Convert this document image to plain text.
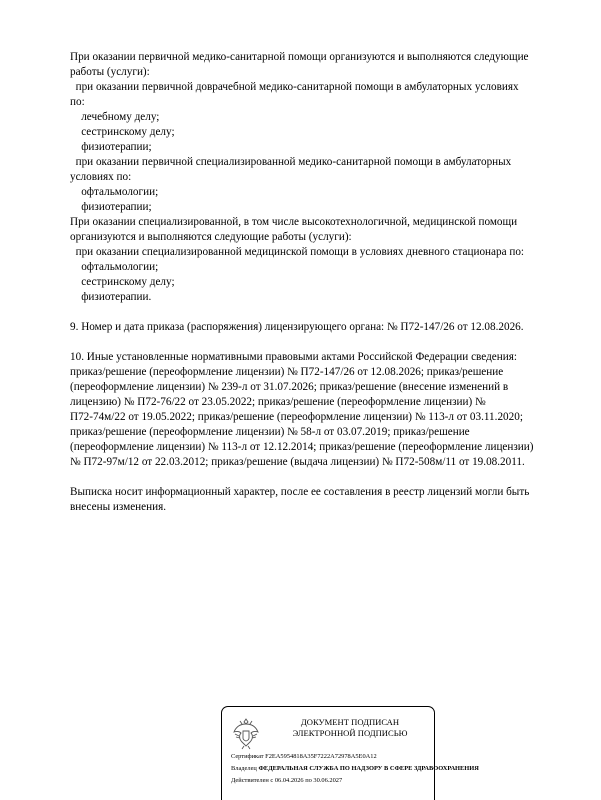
При оказании первичной медико-санитарной помощи организуются и выполняются следующие
работы (услуги):
при оказании первичной доврачебной медико-санитарной помощи в амбулаторных условиях
по:
лечебному делу;
сестринскому делу;
физиотерапии;
при оказании первичной специализированной медико-санитарной помощи в амбулаторных
условиях по:
офтальмологии;
физиотерапии;
При оказании специализированной, в том числе высокотехнологичной, медицинской помощи
организуются и выполняются следующие работы (услуги):
при оказании специализированной медицинской помощи в условиях дневного стационара по:
офтальмологии;
сестринскому делу;
физиотерапии.
9. Номер и дата приказа (распоряжения) лицензирующего органа: № П72-147/26 от 12.08.2026.
10. Иные установленные нормативными правовыми актами Российской Федерации сведения:
приказ/решение (переоформление лицензии) № П72-147/26 от 12.08.2026; приказ/решение
(переоформление лицензии) № 239-л от 31.07.2026; приказ/решение (внесение изменений в
лицензию) № П72-76/22 от 23.05.2022; приказ/решение (переоформление лицензии) №
П72-74м/22 от 19.05.2022; приказ/решение (переоформление лицензии) № 113-л от 03.11.2020;
приказ/решение (переоформление лицензии) № 58-л от 03.07.2019; приказ/решение
(переоформление лицензии) № 113-л от 12.12.2014; приказ/решение (переоформление лицензии)
№ П72-97м/12 от 22.03.2012; приказ/решение (выдача лицензии) № П72-508м/11 от 19.08.2011.
Выписка носит информационный характер, после ее составления в реестр лицензий могли быть
внесены изменения.
ДОКУМЕНТ ПОДПИСАН
ЭЛЕКТРОННОЙ ПОДПИСЬЮ
Сертификат F2EA5954818A35F7222A72978A5E0A12
Владелец ФЕДЕРАЛЬНАЯ СЛУЖБА ПО НАДЗОРУ В СФЕРЕ ЗДРАВООХРАНЕНИЯ
Действителен с 06.04.2026 по 30.06.2027
